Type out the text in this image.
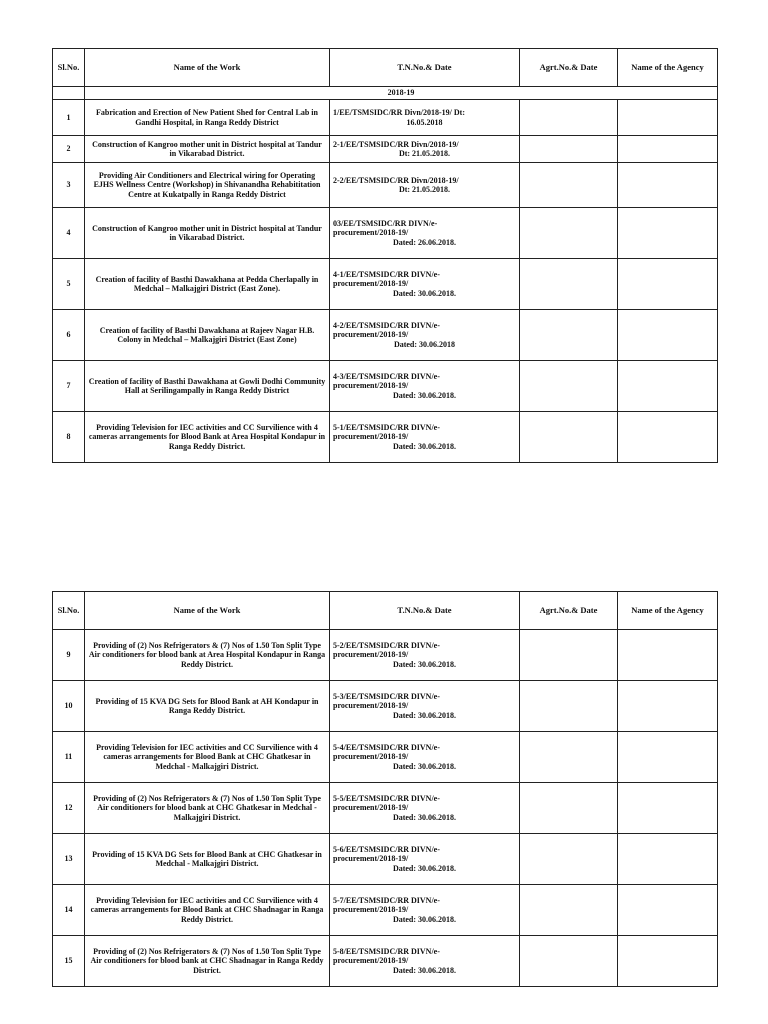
Sl.No.	Name of the Work	T.N.No.& Date	Agrt.No.& Date	Name of the Agency
	2018-19			
1	Fabrication and Erection of New Patient Shed for Central Lab in Gandhi Hospital, in Ranga Reddy District	1/EE/TSMSIDC/RR Divn/2018-19/ Dt:
16.05.2018		

2	Construction of Kangroo mother unit in District hospital at Tandur in Vikarabad District.	2-1/EE/TSMSIDC/RR Divn/2018-19/
Dt: 21.05.2018.		

3	Providing Air Conditioners and Electrical wiring for Operating EJHS Wellness Centre (Workshop) in Shivanandha Rehabititation Centre at Kukatpally in Ranga Reddy District	2-2/EE/TSMSIDC/RR Divn/2018-19/
Dt: 21.05.2018.		

4	Construction of Kangroo mother unit in District hospital at Tandur in Vikarabad District.	03/EE/TSMSIDC/RR DIVN/e-
procurement/2018-19/
Dated: 26.06.2018.		

5	Creation of facility of Basthi Dawakhana at Pedda Cherlapally in Medchal – Malkajgiri District (East Zone).	4-1/EE/TSMSIDC/RR DIVN/e-
procurement/2018-19/
Dated: 30.06.2018.		

6	Creation of facility of Basthi Dawakhana at Rajeev Nagar H.B. Colony in Medchal – Malkajgiri District (East Zone)	4-2/EE/TSMSIDC/RR DIVN/e-
procurement/2018-19/
Dated: 30.06.2018		

7	Creation of facility of Basthi Dawakhana at Gowli Dodhi Community Hall at Serilingampally in Ranga Reddy District	4-3/EE/TSMSIDC/RR DIVN/e-
procurement/2018-19/
Dated: 30.06.2018.		

8	Providing Television for IEC activities and CC Survilience with 4 cameras arrangements for Blood Bank at Area Hospital Kondapur in Ranga Reddy District.	5-1/EE/TSMSIDC/RR DIVN/e-
procurement/2018-19/
Dated: 30.06.2018.		

Sl.No.	Name of the Work	T.N.No.& Date	Agrt.No.& Date	Name of the Agency
9	Providing of (2) Nos Refrigerators & (7) Nos of 1.50 Ton Split Type Air conditioners for blood bank at Area Hospital Kondapur in Ranga Reddy District.	5-2/EE/TSMSIDC/RR DIVN/e-
procurement/2018-19/
Dated: 30.06.2018.		

10	Providing of 15 KVA DG Sets for Blood Bank at AH Kondapur in Ranga Reddy District.	5-3/EE/TSMSIDC/RR DIVN/e-
procurement/2018-19/
Dated: 30.06.2018.		

11	Providing Television for IEC activities and CC Survilience with 4 cameras arrangements for Blood Bank at CHC Ghatkesar in Medchal - Malkajgiri District.	5-4/EE/TSMSIDC/RR DIVN/e-
procurement/2018-19/
Dated: 30.06.2018.		

12	Providing of (2) Nos Refrigerators & (7) Nos of 1.50 Ton Split Type Air conditioners for blood bank at CHC Ghatkesar in Medchal - Malkajgiri District.	5-5/EE/TSMSIDC/RR DIVN/e-
procurement/2018-19/
Dated: 30.06.2018.		

13	Providing of 15 KVA DG Sets for Blood Bank at CHC Ghatkesar in Medchal - Malkajgiri District.	5-6/EE/TSMSIDC/RR DIVN/e-
procurement/2018-19/
Dated: 30.06.2018.		

14	Providing Television for IEC activities and CC Survilience with 4 cameras arrangements for Blood Bank at CHC Shadnagar in Ranga Reddy District.	5-7/EE/TSMSIDC/RR DIVN/e-
procurement/2018-19/
Dated: 30.06.2018.		

15	Providing of (2) Nos Refrigerators & (7) Nos of 1.50 Ton Split Type Air conditioners for blood bank at CHC Shadnagar in Ranga Reddy District.	5-8/EE/TSMSIDC/RR DIVN/e-
procurement/2018-19/
Dated: 30.06.2018.		
